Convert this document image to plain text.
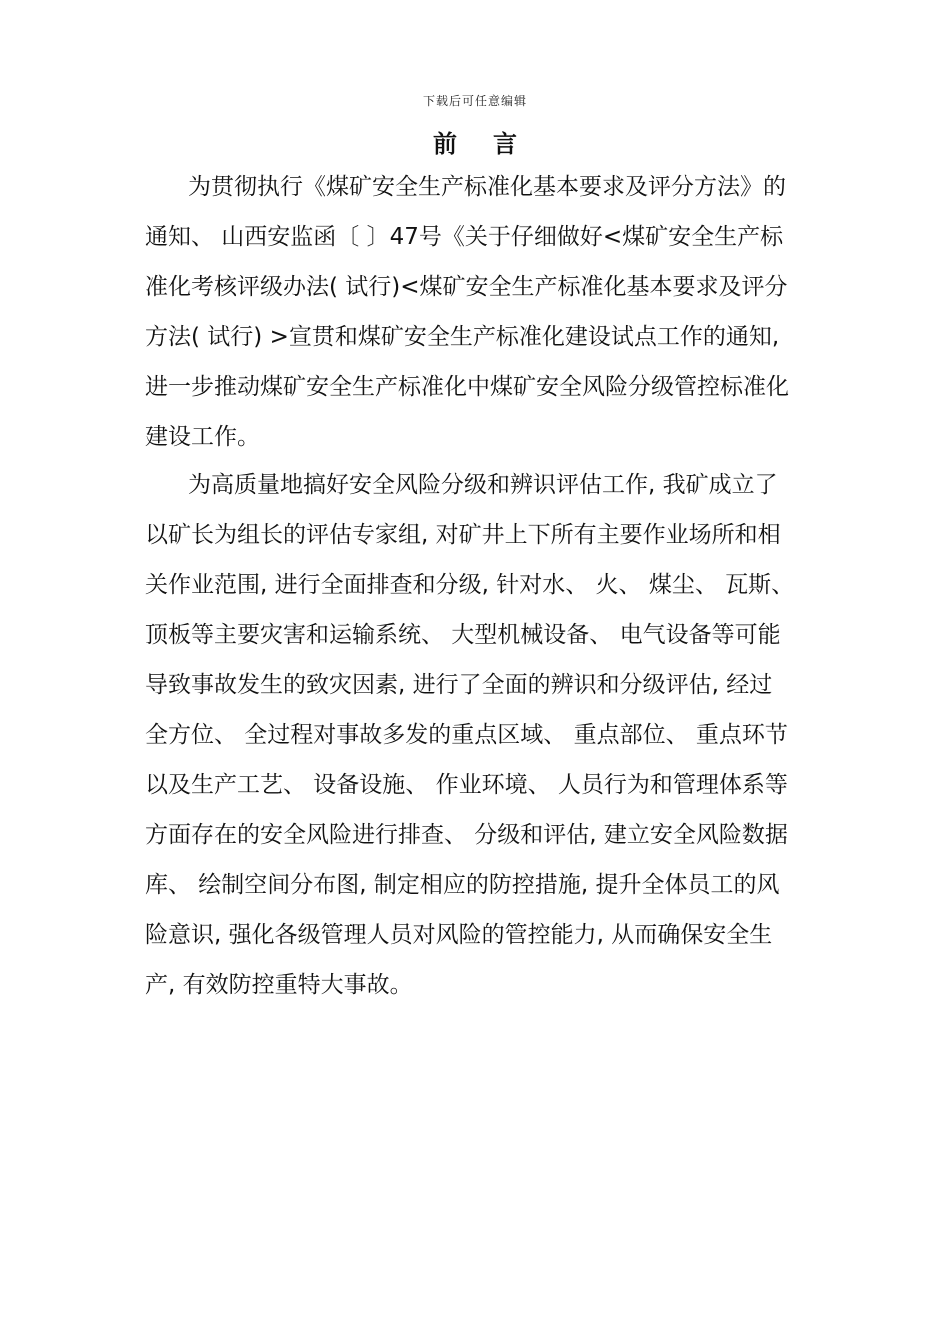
下载后可任意编辑
前言
为贯彻执行《煤矿安全生产标准化基本要求及评分方法》的
通知、 山西安监函〔 〕47号《关于仔细做好<煤矿安全生产标
准化考核评级办法( 试行)<煤矿安全生产标准化基本要求及评分
方法( 试行) >宣贯和煤矿安全生产标准化建设试点工作的通知,
进一步推动煤矿安全生产标准化中煤矿安全风险分级管控标准化
建设工作。
为高质量地搞好安全风险分级和辨识评估工作, 我矿成立了
以矿长为组长的评估专家组, 对矿井上下所有主要作业场所和相
关作业范围, 进行全面排查和分级, 针对水、 火、 煤尘、 瓦斯、
顶板等主要灾害和运输系统、 大型机械设备、 电气设备等可能
导致事故发生的致灾因素, 进行了全面的辨识和分级评估, 经过
全方位、 全过程对事故多发的重点区域、 重点部位、 重点环节
以及生产工艺、 设备设施、 作业环境、 人员行为和管理体系等
方面存在的安全风险进行排查、 分级和评估, 建立安全风险数据
库、 绘制空间分布图, 制定相应的防控措施, 提升全体员工的风
险意识, 强化各级管理人员对风险的管控能力, 从而确保安全生
产, 有效防控重特大事故。
